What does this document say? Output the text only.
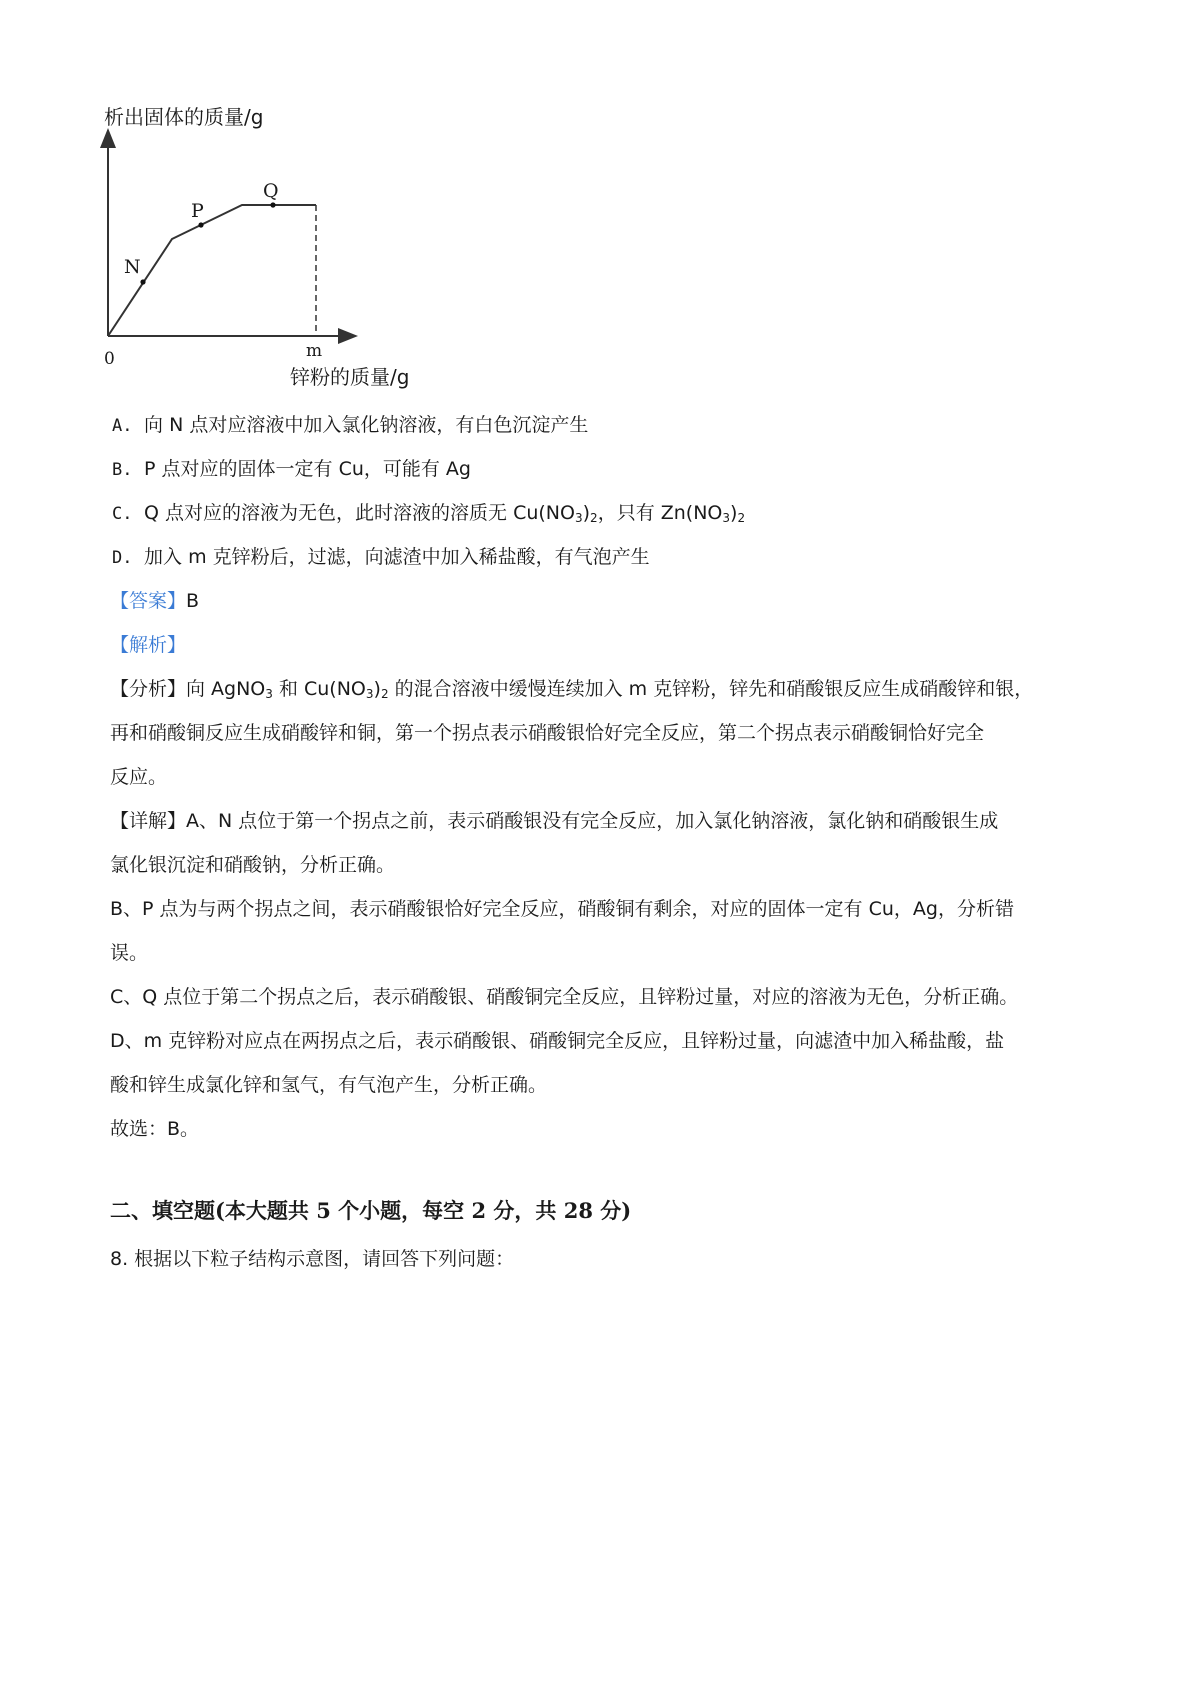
析出固体的质量/g
N
P
Q
0	m
锌粉的质量/g
A. 向 N 点对应溶液中加入氯化钠溶液，有白色沉淀产生
B. P 点对应的固体一定有 Cu，可能有 Ag
C. Q 点对应的溶液为无色，此时溶液的溶质无 $Cu(NO_3)_2$，只有 $Zn(NO_3)_2$
D. 加入 m 克锌粉后，过滤，向滤渣中加入稀盐酸，有气泡产生
【答案】B
【解析】
【分析】向 AgNO$_3$ 和 $Cu(NO_3)_2$ 的混合溶液中缓慢连续加入 m 克锌粉，锌先和硝酸银反应生成硝酸锌和银，
再和硝酸铜反应生成硝酸锌和铜，第一个拐点表示硝酸银恰好完全反应，第二个拐点表示硝酸铜恰好完全
反应。
【详解】A、N 点位于第一个拐点之前，表示硝酸银没有完全反应，加入氯化钠溶液，氯化钠和硝酸银生成
氯化银沉淀和硝酸钠，分析正确。
B、P 点为与两个拐点之间，表示硝酸银恰好完全反应，硝酸铜有剩余，对应的固体一定有 Cu，Ag，分析错
误。
C、Q 点位于第二个拐点之后，表示硝酸银、硝酸铜完全反应，且锌粉过量，对应的溶液为无色，分析正确。
D、m 克锌粉对应点在两拐点之后，表示硝酸银、硝酸铜完全反应，且锌粉过量，向滤渣中加入稀盐酸，盐
酸和锌生成氯化锌和氢气，有气泡产生，分析正确。
故选：B。
二、填空题(本大题共 5 个小题，每空 2 分，共 28 分)
8. 根据以下粒子结构示意图，请回答下列问题：
